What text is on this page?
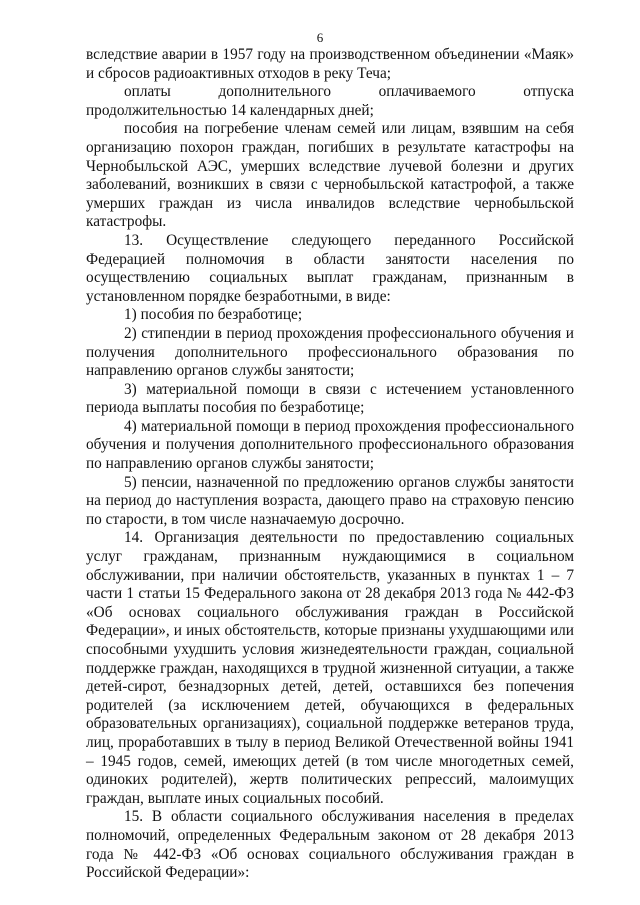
6

вследствие аварии в 1957 году на производственном объединении «Маяк» и сбросов радиоактивных отходов в реку Теча;

оплаты дополнительного оплачиваемого отпуска продолжительностью 14 календарных дней;

пособия на погребение членам семей или лицам, взявшим на себя организацию похорон граждан, погибших в результате катастрофы на Чернобыльской АЭС, умерших вследствие лучевой болезни и других заболеваний, возникших в связи с чернобыльской катастрофой, а также умерших граждан из числа инвалидов вследствие чернобыльской катастрофы.

13. Осуществление следующего переданного Российской Федерацией полномочия в области занятости населения по осуществлению социальных выплат гражданам, признанным в установленном порядке безработными, в виде:

1) пособия по безработице;

2) стипендии в период прохождения профессионального обучения и получения дополнительного профессионального образования по направлению органов службы занятости;

3) материальной помощи в связи с истечением установленного периода выплаты пособия по безработице;

4) материальной помощи в период прохождения профессионального обучения и получения дополнительного профессионального образования по направлению органов службы занятости;

5) пенсии, назначенной по предложению органов службы занятости на период до наступления возраста, дающего право на страховую пенсию по старости, в том числе назначаемую досрочно.

14. Организация деятельности по предоставлению социальных услуг гражданам, признанным нуждающимися в социальном обслуживании, при наличии обстоятельств, указанных в пунктах 1 – 7 части 1 статьи 15 Федерального закона от 28 декабря 2013 года № 442-ФЗ «Об основах социального обслуживания граждан в Российской Федерации», и иных обстоятельств, которые признаны ухудшающими или способными ухудшить условия жизнедеятельности граждан, социальной поддержке граждан, находящихся в трудной жизненной ситуации, а также детей-сирот, безнадзорных детей, детей, оставшихся без попечения родителей (за исключением детей, обучающихся в федеральных образовательных организациях), социальной поддержке ветеранов труда, лиц, проработавших в тылу в период Великой Отечественной войны 1941 – 1945 годов, семей, имеющих детей (в том числе многодетных семей, одиноких родителей), жертв политических репрессий, малоимущих граждан, выплате иных социальных пособий.

15. В области социального обслуживания населения в пределах полномочий, определенных Федеральным законом от 28 декабря 2013 года № 442-ФЗ «Об основах социального обслуживания граждан в Российской Федерации»:
